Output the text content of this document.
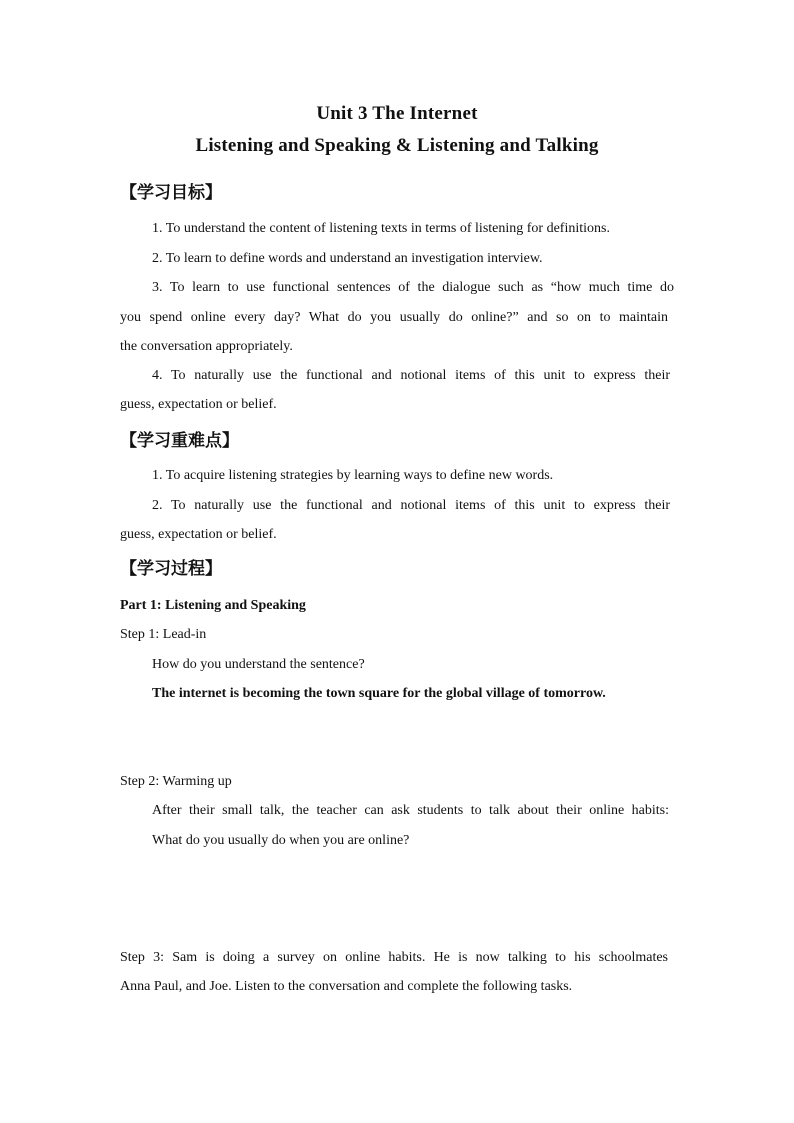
Unit 3 The Internet
Listening and Speaking & Listening and Talking
【学习目标】
1. To understand the content of listening texts in terms of listening for definitions.
2. To learn to define words and understand an investigation interview.
3. To learn to use functional sentences of the dialogue such as “how much time do
you spend online every day? What do you usually do online?” and so on to maintain
the conversation appropriately.
4. To naturally use the functional and notional items of this unit to express their
guess, expectation or belief.
【学习重难点】
1. To acquire listening strategies by learning ways to define new words.
2. To naturally use the functional and notional items of this unit to express their
guess, expectation or belief.
【学习过程】
Part 1: Listening and Speaking
Step 1: Lead-in
How do you understand the sentence?
The internet is becoming the town square for the global village of tomorrow.
Step 2: Warming up
After their small talk, the teacher can ask students to talk about their online habits:
What do you usually do when you are online?
Step 3: Sam is doing a survey on online habits. He is now talking to his schoolmates
Anna Paul, and Joe. Listen to the conversation and complete the following tasks.
